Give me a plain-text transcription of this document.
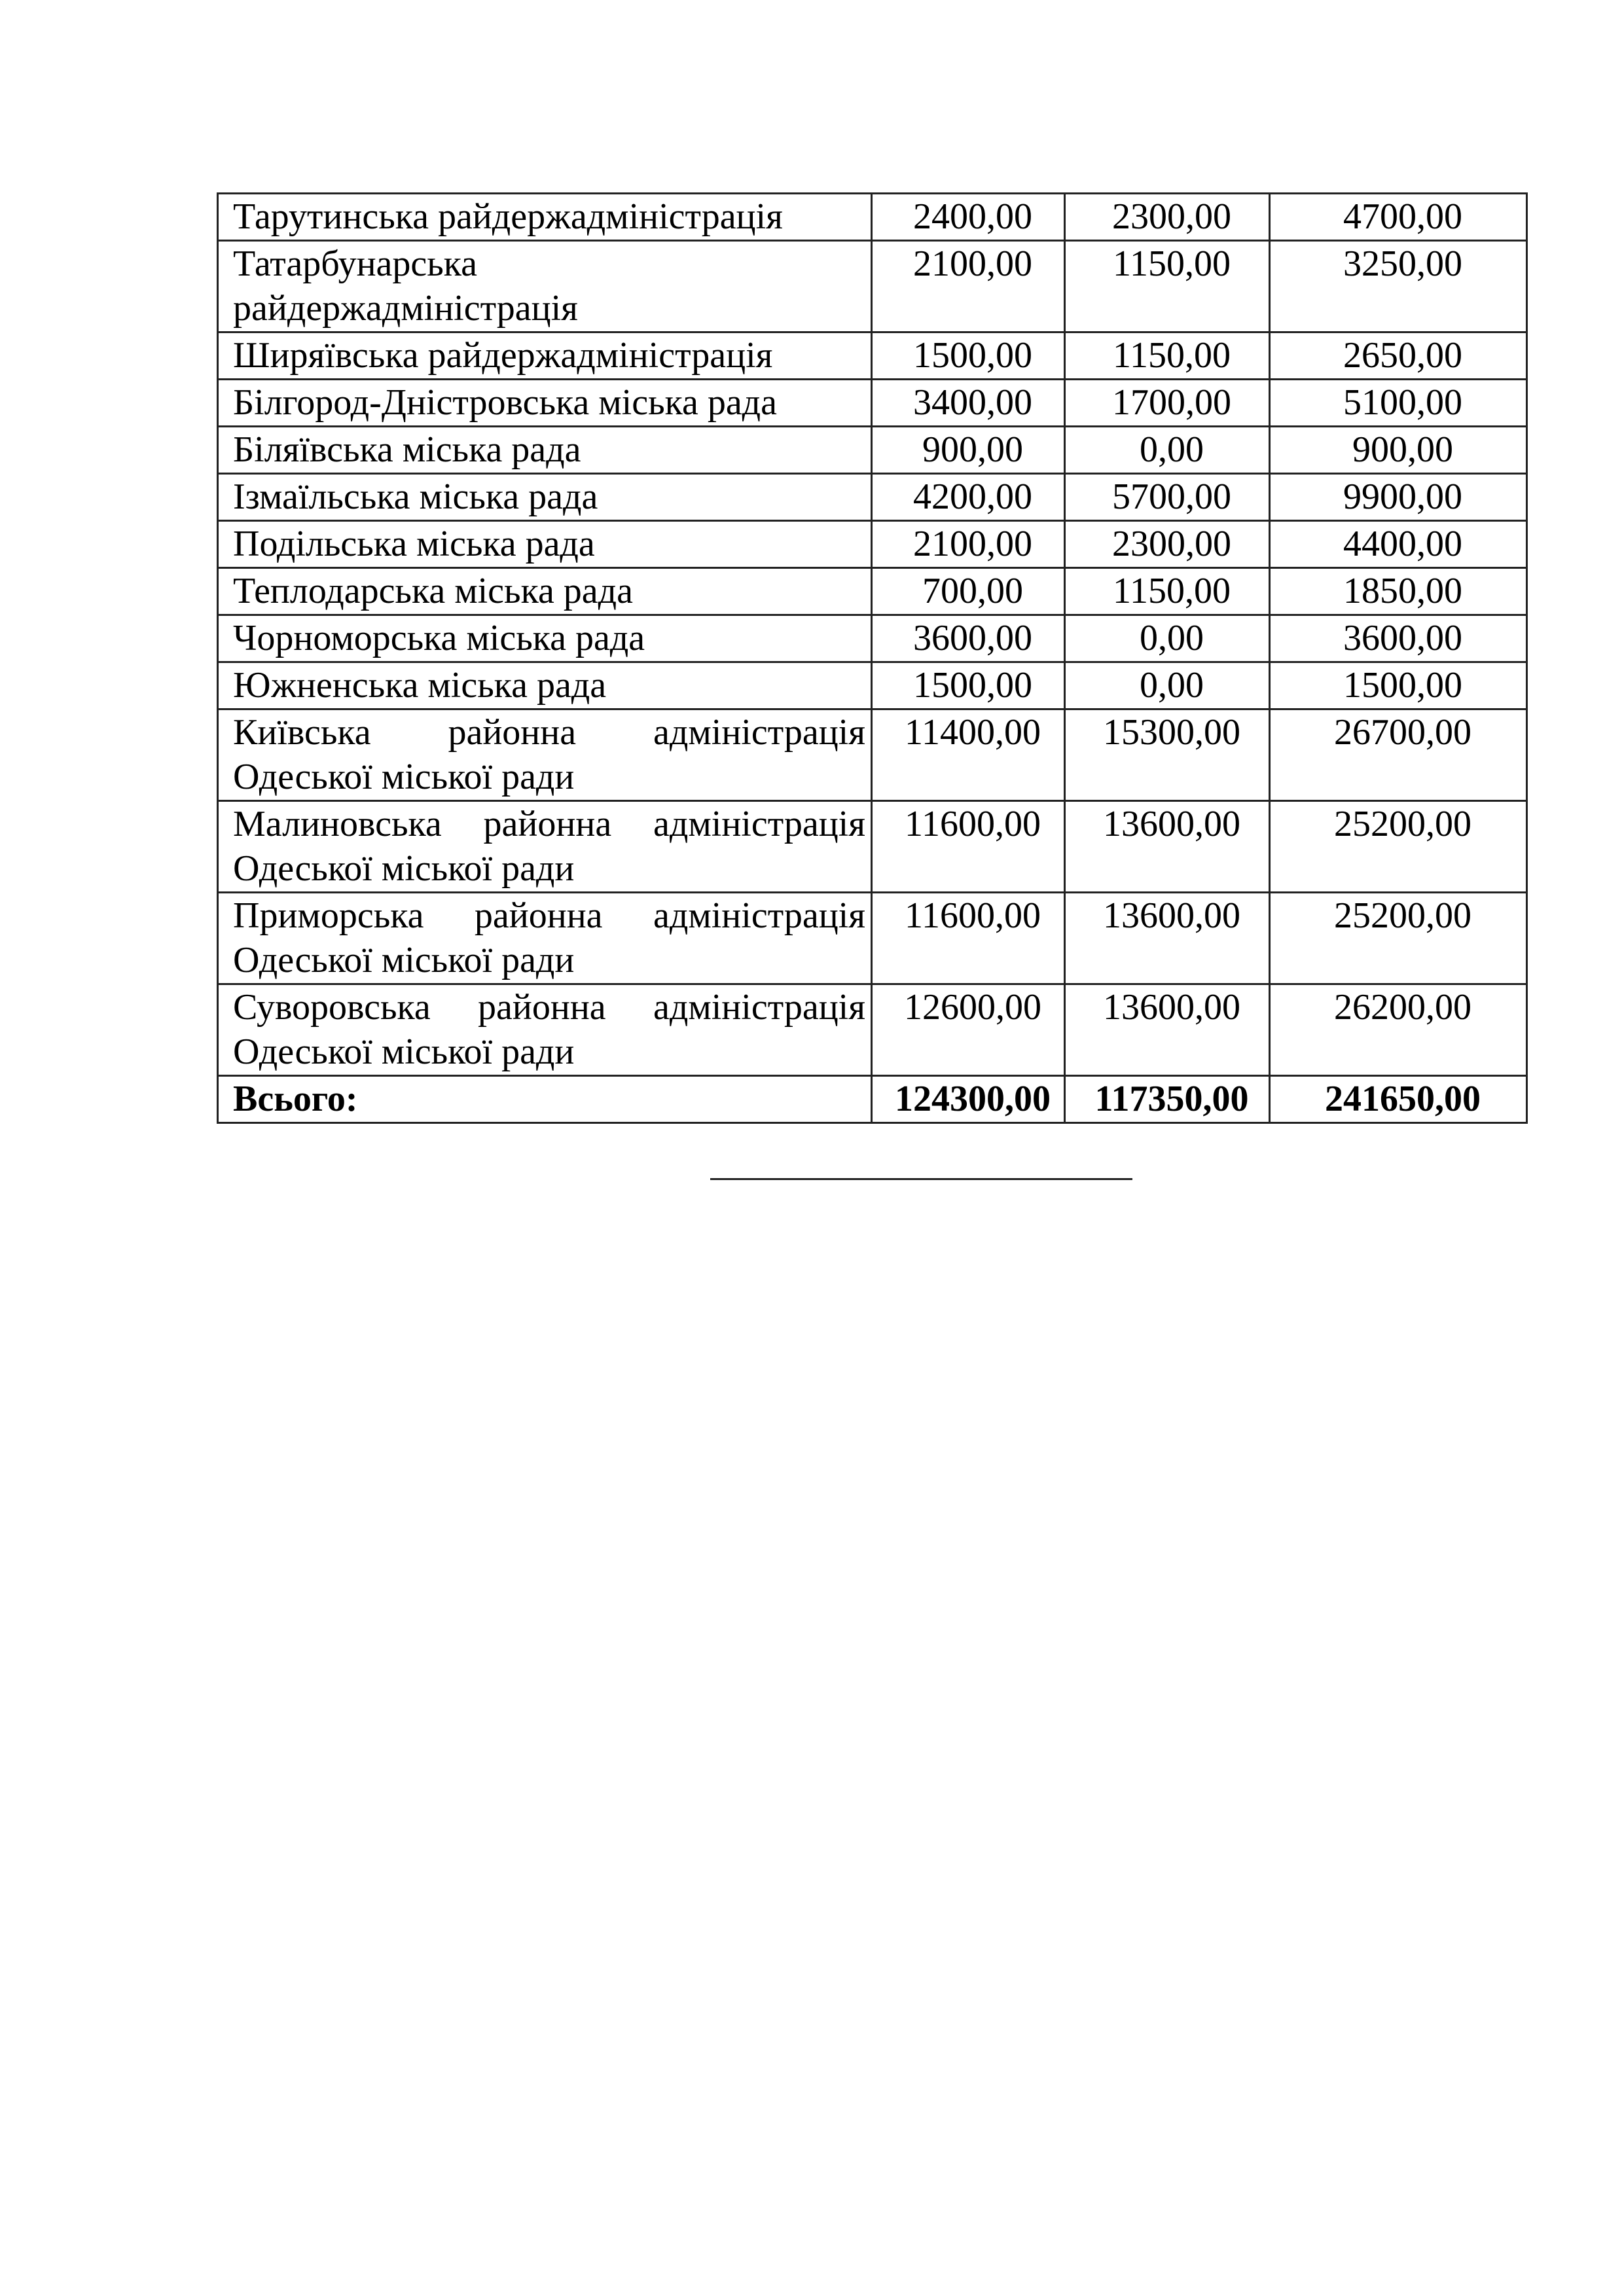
Тарутинська райдержадміністрація	2400,00	2300,00	4700,00
Татарбунарська райдержадміністрація	2100,00	1150,00	3250,00
Ширяївська райдержадміністрація	1500,00	1150,00	2650,00
Білгород-Дністровська міська рада	3400,00	1700,00	5100,00
Біляївська міська рада	900,00	0,00	900,00
Ізмаїльська міська рада	4200,00	5700,00	9900,00
Подільська міська рада	2100,00	2300,00	4400,00
Теплодарська міська рада	700,00	1150,00	1850,00
Чорноморська міська рада	3600,00	0,00	3600,00
Южненська міська рада	1500,00	0,00	1500,00
Київська районна адміністрація Одеської міської ради	11400,00	15300,00	26700,00
Малиновська районна адміністрація Одеської міської ради	11600,00	13600,00	25200,00
Приморська районна адміністрація Одеської міської ради	11600,00	13600,00	25200,00
Суворовська районна адміністрація Одеської міської ради	12600,00	13600,00	26200,00
Всього:	124300,00	117350,00	241650,00
